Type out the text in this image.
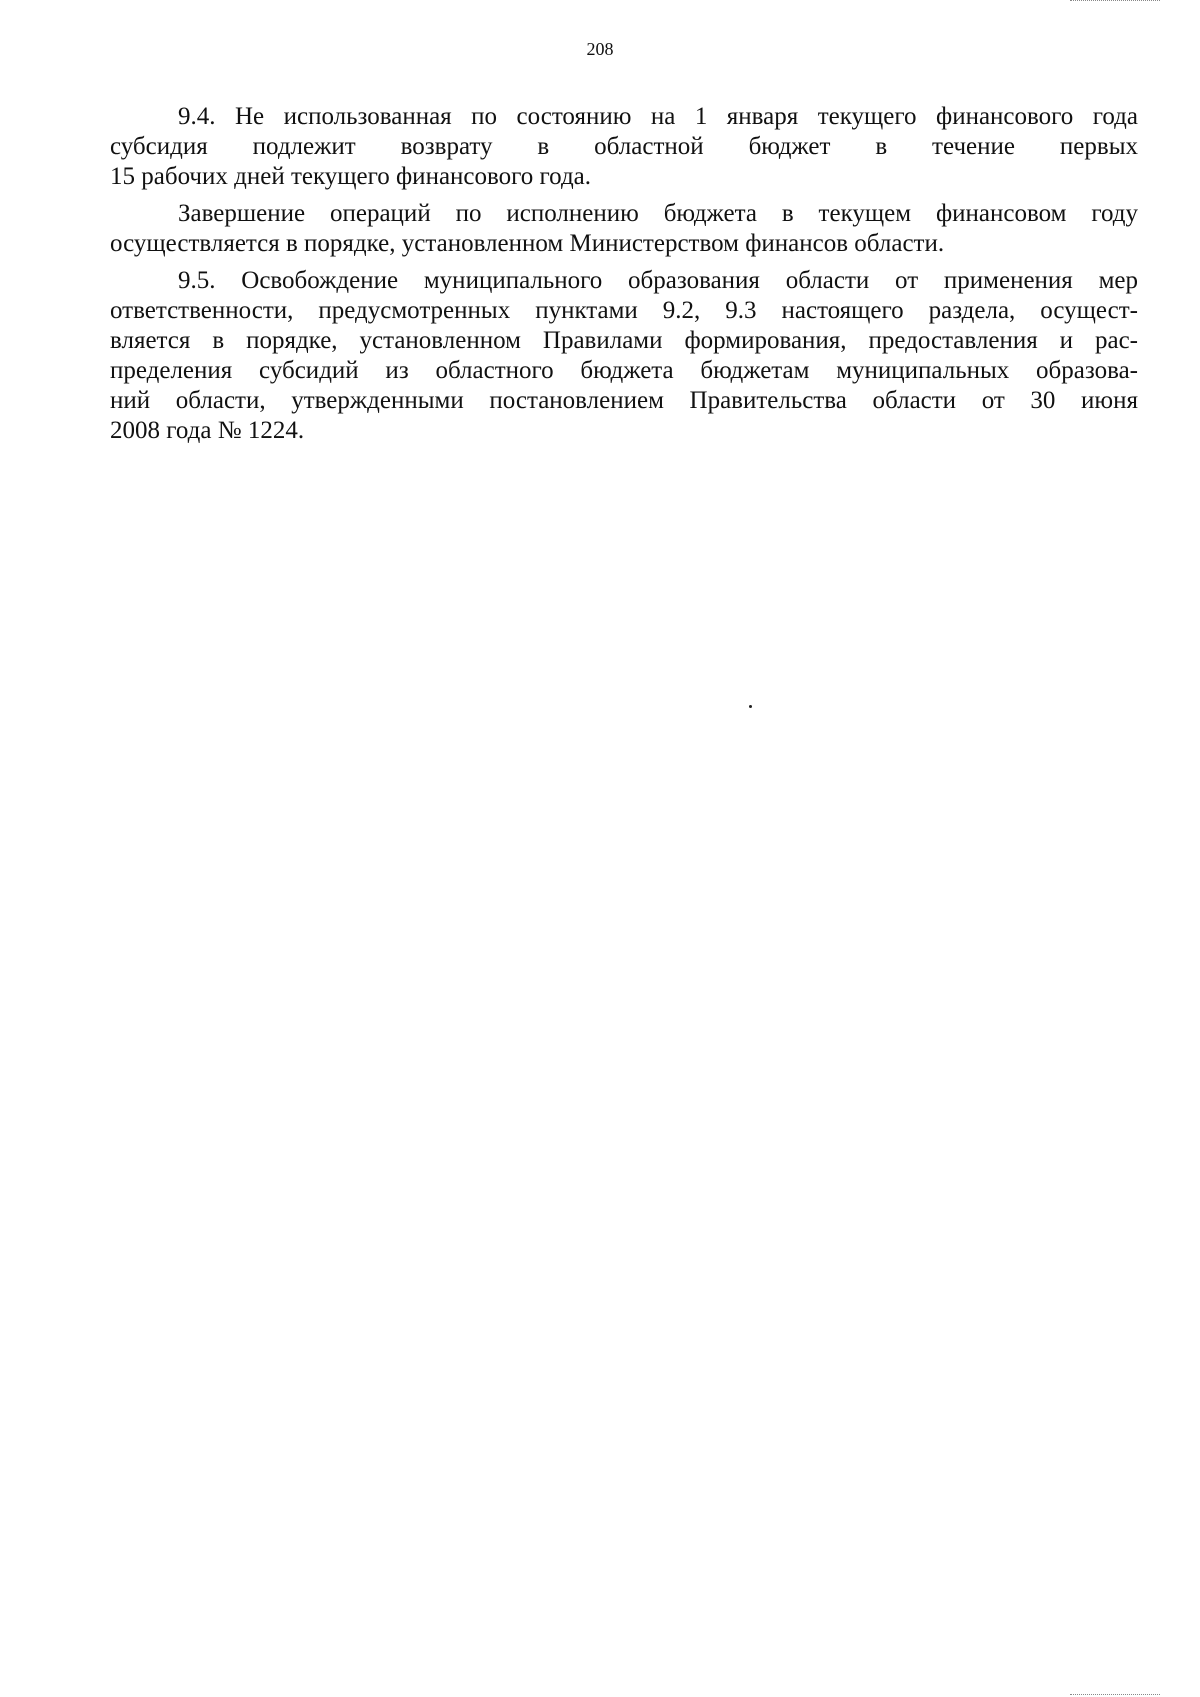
208
9.4. Не использованная по состоянию на 1 января текущего финансового года
субсидия подлежит возврату в областной бюджет в течение первых
15 рабочих дней текущего финансового года.
Завершение операций по исполнению бюджета в текущем финансовом году
осуществляется в порядке, установленном Министерством финансов области.
9.5. Освобождение муниципального образования области от применения мер
ответственности, предусмотренных пунктами 9.2, 9.3 настоящего раздела, осущест-
вляется в порядке, установленном Правилами формирования, предоставления и рас-
пределения субсидий из областного бюджета бюджетам муниципальных образова-
ний области, утвержденными постановлением Правительства области от 30 июня
2008 года № 1224.
